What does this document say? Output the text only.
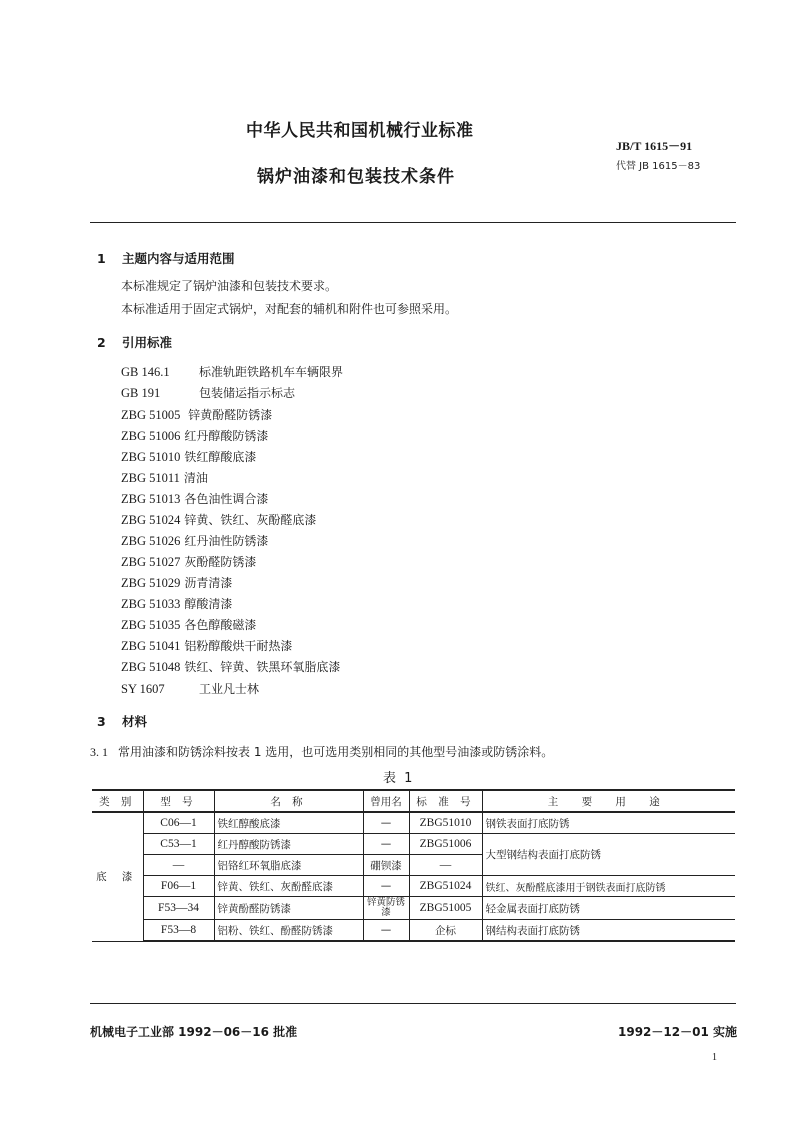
中华人民共和国机械行业标准
锅炉油漆和包装技术条件
JB/T 1615－91
代替 JB 1615－83
1 主题内容与适用范围
本标准规定了锅炉油漆和包装技术要求。
本标准适用于固定式锅炉，对配套的辅机和附件也可参照采用。
2 引用标准
GB 146.1 标准轨距铁路机车车辆限界
GB 191	包装储运指示标志
ZBG 51005 锌黄酚醛防锈漆
ZBG 51006 红丹醇酸防锈漆
ZBG 51010 铁红醇酸底漆
ZBG 51011 清油
ZBG 51013 各色油性调合漆
ZBG 51024 锌黄、铁红、灰酚醛底漆
ZBG 51026 红丹油性防锈漆
ZBG 51027 灰酚醛防锈漆
ZBG 51029 沥青清漆
ZBG 51033 醇酸清漆
ZBG 51035 各色醇酸磁漆
ZBG 51041 铝粉醇酸烘干耐热漆
ZBG 51048 铁红、锌黄、铁黑环氧脂底漆
SY 1607	工业凡士林
3 材料
3. 1 常用油漆和防锈涂料按表 1 选用，也可选用类别相同的其他型号油漆或防锈涂料。
表 1
类 别	型 号	名 称	曾用名	标 准 号	主 要 用 途
底 漆	C06—1	铁红醇酸底漆	—	ZBG51010	钢铁表面打底防锈
	C53—1	红丹醇酸防锈漆	—	ZBG51006	大型钢结构表面打底防锈
	—	铝铬红环氧脂底漆	硼钡漆	—	
	F06—1	锌黄、铁红、灰酚醛底漆	—	ZBG51024	铁红、灰酚醛底漆用于钢铁表面打底防锈
	F53—34	锌黄酚醛防锈漆	锌黄防锈漆	ZBG51005	轻金属表面打底防锈
	F53—8	铝粉、铁红、酚醛防锈漆	—	企标	钢结构表面打底防锈
机械电子工业部 1992－06－16 批准	1992－12－01 实施
1
